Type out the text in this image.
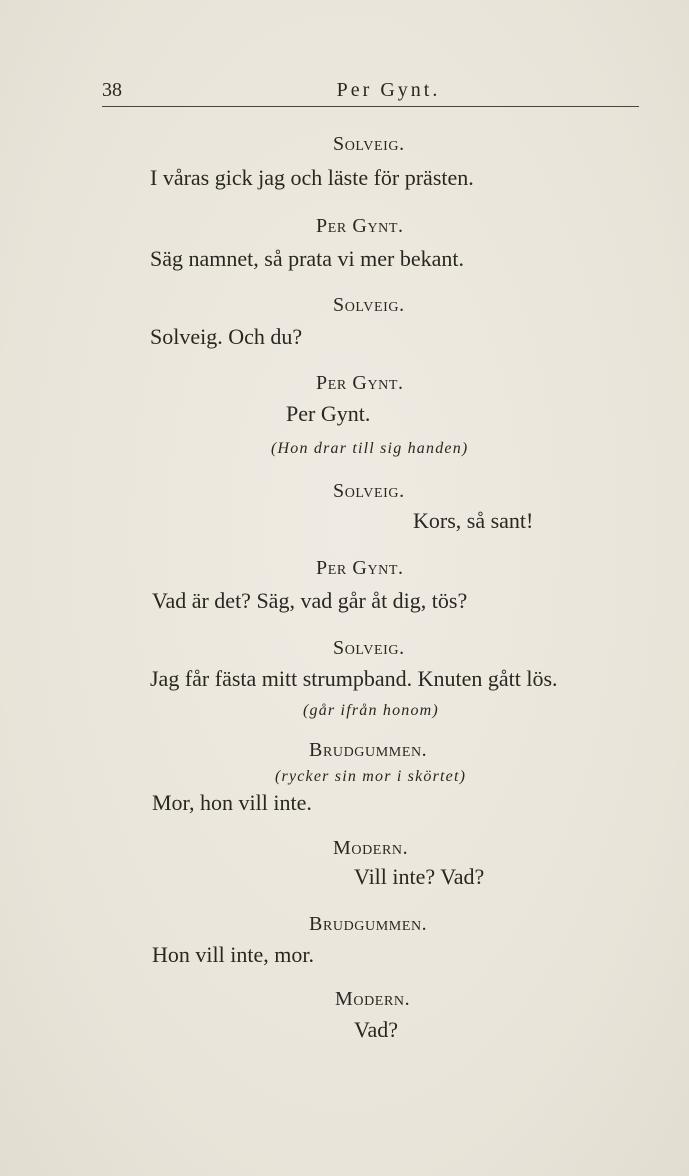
38	Per Gynt.
Solveig.
I våras gick jag och läste för prästen.
Per Gynt.
Säg namnet, så prata vi mer bekant.
Solveig.
Solveig. Och du?
Per Gynt.
Per Gynt.
(Hon drar till sig handen)
Solveig.
Kors, så sant!
Per Gynt.
Vad är det? Säg, vad går åt dig, tös?
Solveig.
Jag får fästa mitt strumpband. Knuten gått lös.
(går ifrån honom)
Brudgummen.
(rycker sin mor i skörtet)
Mor, hon vill inte.
Modern.
Vill inte? Vad?
Brudgummen.
Hon vill inte, mor.
Modern.
Vad?
